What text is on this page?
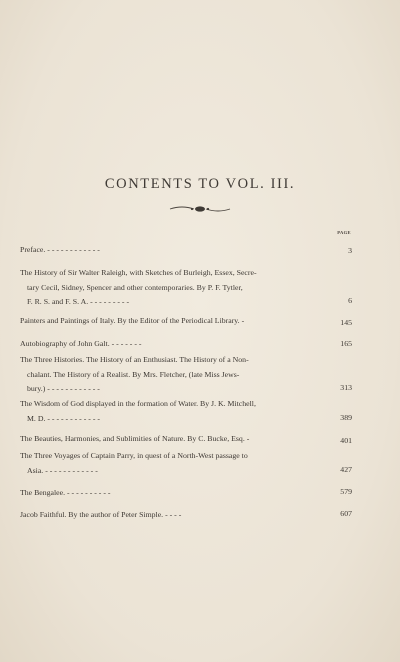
CONTENTS TO VOL. III.
PAGE
Preface. - - - - - - - - - - - -	3
The History of Sir Walter Raleigh, with Sketches of Burleigh, Essex, Secre-
tary Cecil, Sidney, Spencer and other contemporaries. By P. F. Tytler,
F. R. S. and F. S. A. - - - - - - - - -	6
Painters and Paintings of Italy. By the Editor of the Periodical Library. -	145
Autobiography of John Galt. - - - - - - -	165
The Three Histories. The History of an Enthusiast. The History of a Non-
chalant. The History of a Realist. By Mrs. Fletcher, (late Miss Jews-
bury.) - - - - - - - - - - - -	313
The Wisdom of God displayed in the formation of Water. By J. K. Mitchell,
M. D. - - - - - - - - - - - -	389
The Beauties, Harmonies, and Sublimities of Nature. By C. Bucke, Esq. -	401
The Three Voyages of Captain Parry, in quest of a North-West passage to
Asia. - - - - - - - - - - - -	427
The Bengalee. - - - - - - - - - -	579
Jacob Faithful. By the author of Peter Simple. - - - -	607
